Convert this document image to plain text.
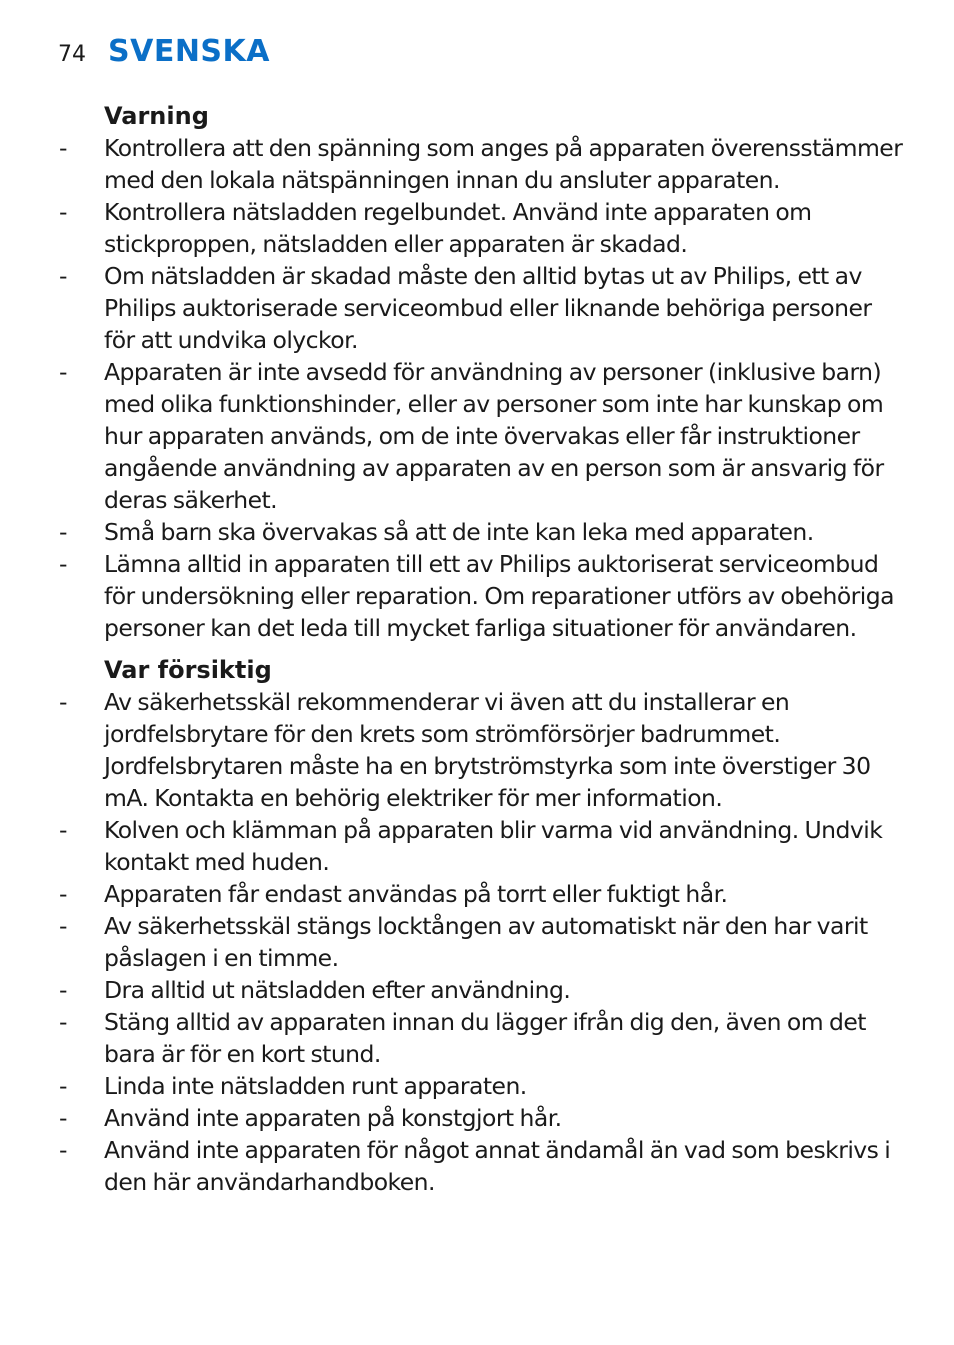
74 SVENSKA
Varning
- Kontrollera att den spänning som anges på apparaten överensstämmer med den lokala nätspänningen innan du ansluter apparaten.
- Kontrollera nätsladden regelbundet. Använd inte apparaten om stickproppen, nätsladden eller apparaten är skadad.
- Om nätsladden är skadad måste den alltid bytas ut av Philips, ett av Philips auktoriserade serviceombud eller liknande behöriga personer för att undvika olyckor.
- Apparaten är inte avsedd för användning av personer (inklusive barn) med olika funktionshinder, eller av personer som inte har kunskap om hur apparaten används, om de inte övervakas eller får instruktioner angående användning av apparaten av en person som är ansvarig för deras säkerhet.
- Små barn ska övervakas så att de inte kan leka med apparaten.
- Lämna alltid in apparaten till ett av Philips auktoriserat serviceombud för undersökning eller reparation. Om reparationer utförs av obehöriga personer kan det leda till mycket farliga situationer för användaren.
Var försiktig
- Av säkerhetsskäl rekommenderar vi även att du installerar en jordfelsbrytare för den krets som strömförsörjer badrummet. Jordfelsbrytaren måste ha en brytströmstyrka som inte överstiger 30 mA. Kontakta en behörig elektriker för mer information.
- Kolven och klämman på apparaten blir varma vid användning. Undvik kontakt med huden.
- Apparaten får endast användas på torrt eller fuktigt hår.
- Av säkerhetsskäl stängs locktången av automatiskt när den har varit påslagen i en timme.
- Dra alltid ut nätsladden efter användning.
- Stäng alltid av apparaten innan du lägger ifrån dig den, även om det bara är för en kort stund.
- Linda inte nätsladden runt apparaten.
- Använd inte apparaten på konstgjort hår.
- Använd inte apparaten för något annat ändamål än vad som beskrivs i den här användarhandboken.
